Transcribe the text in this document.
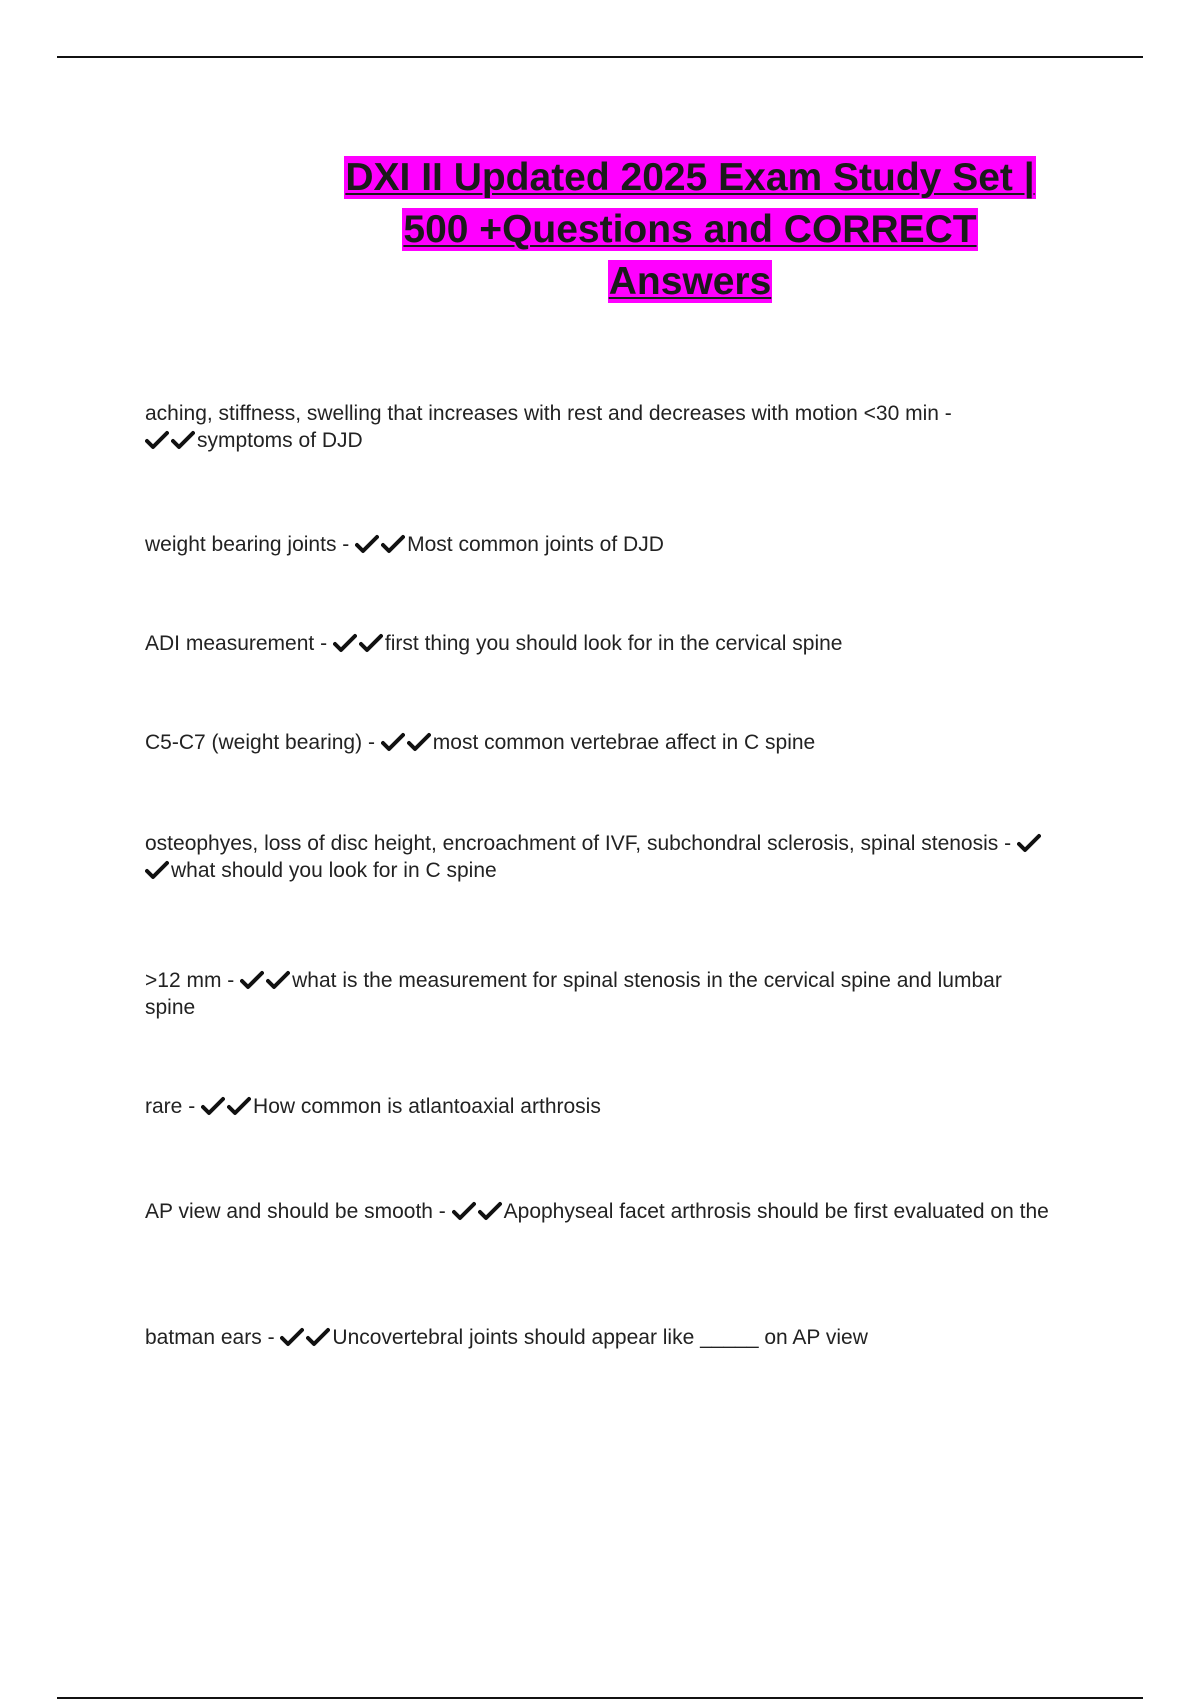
DXI II Updated 2025 Exam Study Set |
500 +Questions and CORRECT
Answers
aching, stiffness, swelling that increases with rest and decreases with motion <30 min -
symptoms of DJD
weight bearing joints -
Most common joints of DJD
ADI measurement -
first thing you should look for in the cervical spine
C5-C7 (weight bearing) -
most common vertebrae affect in C spine
osteophyes, loss of disc height, encroachment of IVF, subchondral sclerosis, spinal stenosis -
what should you look for in C spine
>12 mm -
what is the measurement for spinal stenosis in the cervical spine and lumbar spine
rare -
How common is atlantoaxial arthrosis
AP view and should be smooth -
Apophyseal facet arthrosis should be first evaluated on the
batman ears -
Uncovertebral joints should appear like _____ on AP view
